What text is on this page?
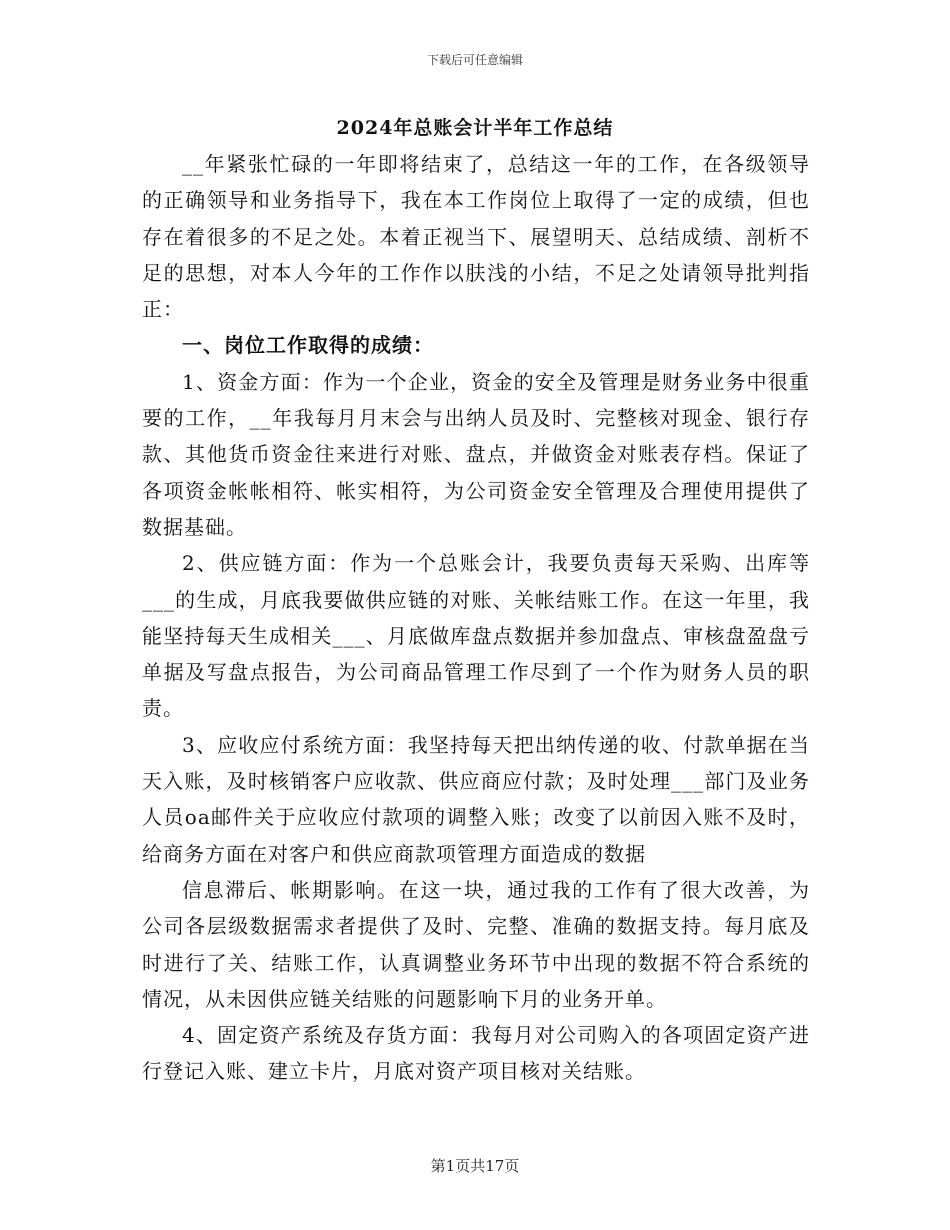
下载后可任意编辑
2024年总账会计半年工作总结

__年紧张忙碌的一年即将结束了，总结这一年的工作，在各级领导的正确领导和业务指导下，我在本工作岗位上取得了一定的成绩，但也存在着很多的不足之处。本着正视当下、展望明天、总结成绩、剖析不足的思想，对本人今年的工作作以肤浅的小结，不足之处请领导批判指正：

一、岗位工作取得的成绩：

1、资金方面：作为一个企业，资金的安全及管理是财务业务中很重要的工作，__年我每月月末会与出纳人员及时、完整核对现金、银行存款、其他货币资金往来进行对账、盘点，并做资金对账表存档。保证了各项资金帐帐相符、帐实相符，为公司资金安全管理及合理使用提供了数据基础。

2、供应链方面：作为一个总账会计，我要负责每天采购、出库等___的生成，月底我要做供应链的对账、关帐结账工作。在这一年里，我能坚持每天生成相关___、月底做库盘点数据并参加盘点、审核盘盈盘亏单据及写盘点报告，为公司商品管理工作尽到了一个作为财务人员的职责。

3、应收应付系统方面：我坚持每天把出纳传递的收、付款单据在当天入账，及时核销客户应收款、供应商应付款；及时处理___部门及业务人员oa邮件关于应收应付款项的调整入账；改变了以前因入账不及时，给商务方面在对客户和供应商款项管理方面造成的数据

信息滞后、帐期影响。在这一块，通过我的工作有了很大改善，为公司各层级数据需求者提供了及时、完整、准确的数据支持。每月底及时进行了关、结账工作，认真调整业务环节中出现的数据不符合系统的情况，从未因供应链关结账的问题影响下月的业务开单。

4、固定资产系统及存货方面：我每月对公司购入的各项固定资产进行登记入账、建立卡片，月底对资产项目核对关结账。

第1页共17页
